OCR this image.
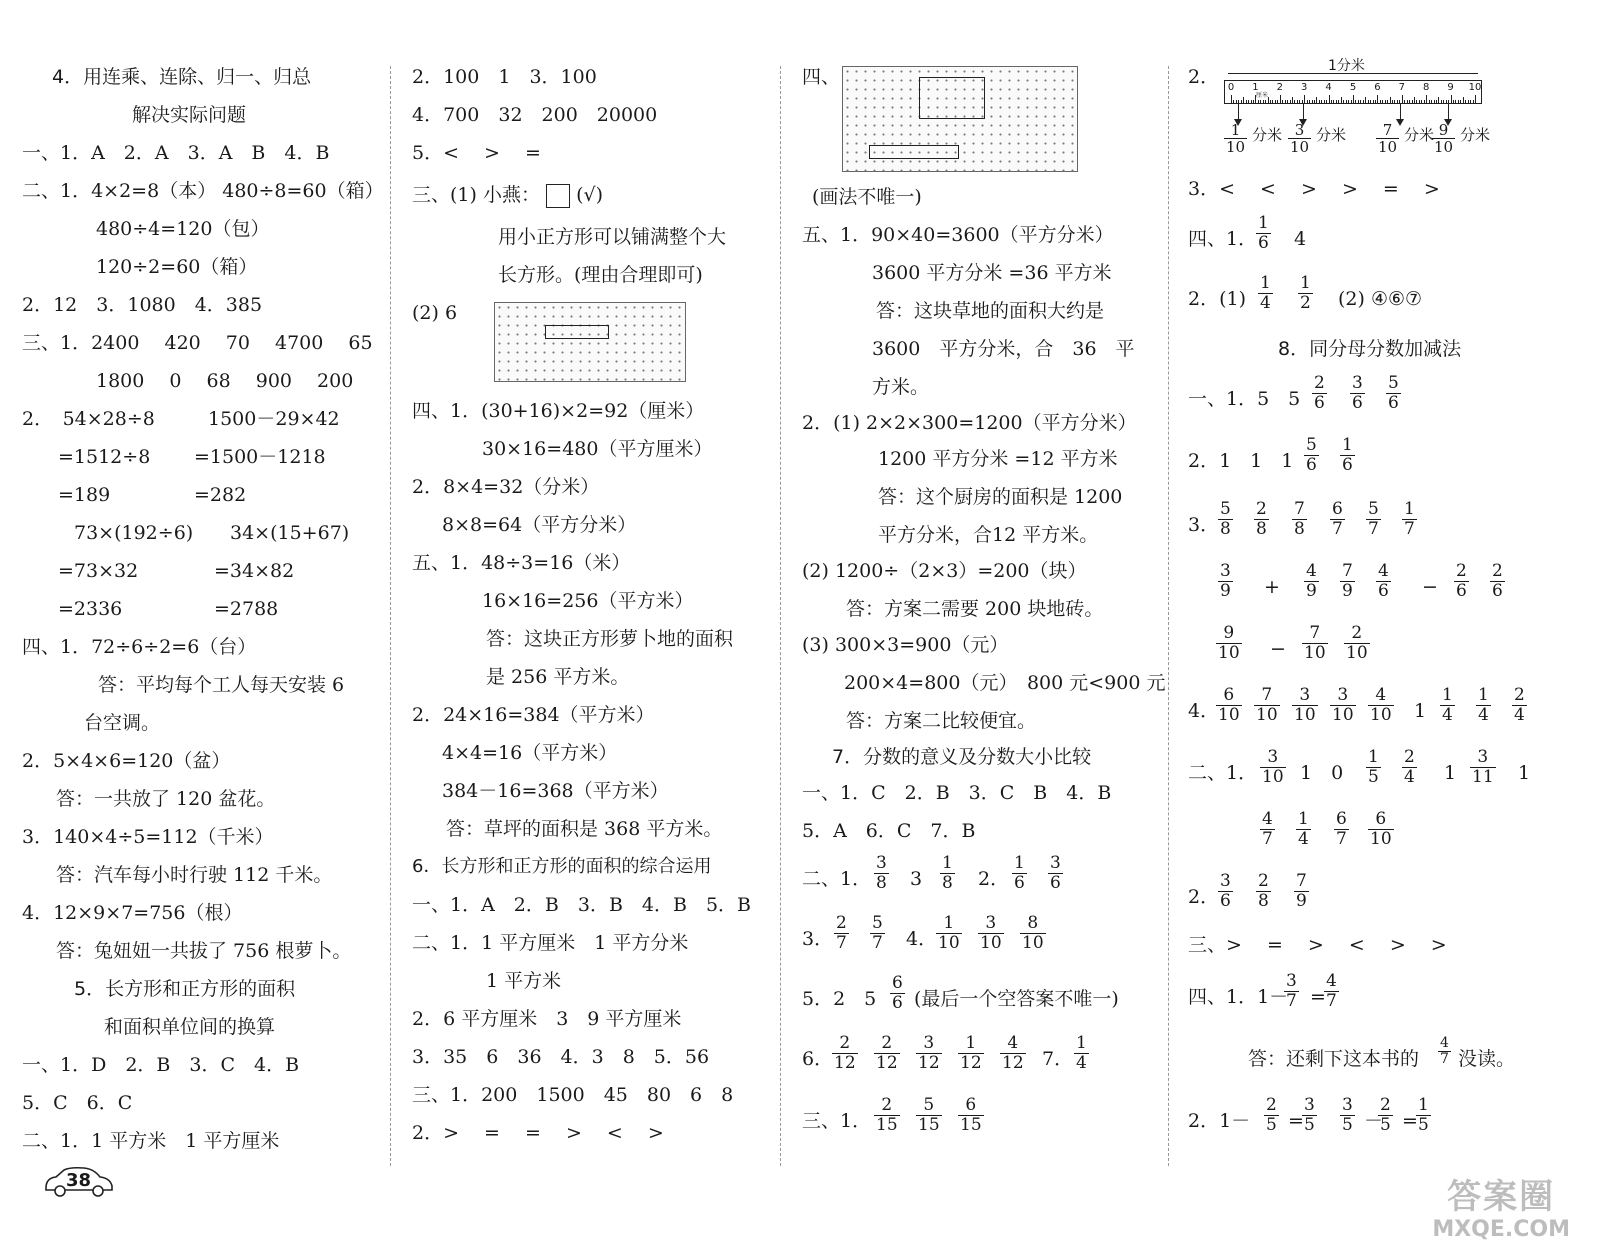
4．用连乘、连除、归一、归总
解决实际问题
一、1．A　2．A　3．A　B　4．B
二、1．4×2=8（本） 480÷8=60（箱）
480÷4=120（包）
120÷2=60（箱）
2．12　3．1080　4．385
三、1．2400　 420　 70　 4700　 65
1800　 0　 68　 900　 200
2．　54×28÷8	1500－29×42
=1512÷8 =1500－1218
=189	=282
73×(192÷6) 34×(15+67)
=73×32	=34×82
=2336	=2788
四、1．72÷6÷2=6（台）
答：平均每个工人每天安装 6
台空调。
2．5×4×6=120（盆）
答：一共放了 120 盆花。
3．140×4÷5=112（千米）
答：汽车每小时行驶 112 千米。
4．12×9×7=756（根）
答：兔妞妞一共拔了 756 根萝卜。
5．长方形和正方形的面积
和面积单位间的换算
一、1．D　2．B　3．C　4．B
5．C　6．C
二、1．1 平方米　1 平方厘米
2．100　1　3．100
4．700　32　200　20000
5．<　 >　 =
三、(1) 小燕： (√)
用小正方形可以铺满整个大
长方形。(理由合理即可)
(2) 6
四、1．(30+16)×2=92（厘米）
30×16=480（平方厘米）
2．8×4=32（分米）
8×8=64（平方分米）
五、1．48÷3=16（米）
16×16=256（平方米）
答：这块正方形萝卜地的面积
是 256 平方米。
2．24×16=384（平方米）
4×4=16（平方米）
384－16=368（平方米）
答：草坪的面积是 368 平方米。
6．长方形和正方形的面积的综合运用
一、1．A　2．B　3．B　4．B　5．B
二、1．1 平方厘米　1 平方分米
1 平方米
2．6 平方厘米　3　9 平方厘米
3．35　6　36　4．3　8　5．56
三、1．200　1500　45　80　6　8
2．>　 =　 =　 >　 <　 >
四、
(画法不唯一)
五、1．90×40=3600（平方分米）
3600 平方分米 =36 平方米
答：这块草地的面积大约是
3600　平方分米，合　36　平
方米。
2．(1) 2×2×300=1200（平方分米）
1200 平方分米 =12 平方米
答：这个厨房的面积是 1200
平方分米，合12 平方米。
(2) 1200÷（2×3）=200（块）
答：方案二需要 200 块地砖。
(3) 300×3=900（元）
200×4=800（元）　800 元<900 元
答：方案二比较便宜。
7．分数的意义及分数大小比较
一、1．C　2．B　3．C　B　4．B
5．A　6．C　7．B
二、1． $\frac{3}{8} 3 \frac{1}{8} 2$． $\frac{1}{6} \frac{3}{6}$
3． $\frac{2}{7} \frac{5}{7} 4$．
$\frac{1}{10} \frac{3}{10} \frac{8}{10}$
5．2　$5 \frac{6}{6}$ (最后一个空答案不唯一)
6．
$\frac{2}{12} \frac{2}{12} \frac{3}{12} \frac{1}{12} \frac{4}{12} 7$． $\frac{1}{4}$
三、1． $\frac{2}{15} \frac{5}{15} \frac{6}{15}$
2．	1分米
0 1 2 3 4 5 6 7 8 9 10
厘米
$\frac{1}{10}$ 分米 $\frac{3}{10}$ 分米 $\frac{7}{10}$ 分米
$\frac{9}{10}$ 分米
3．<　 <　 >　 >　 =　 >
四、1．
$\frac{1}{6} 4$
2．$(1) \frac{1}{4} \frac{1}{2} (2)$ ④⑥⑦
8．同分母分数加减法
一、1．5　$5 \frac{2}{6} \frac{3}{6} \frac{5}{6}$
2．1　1　$1 \frac{5}{6} \frac{1}{6}$
3．
$\frac{5}{8} \frac{2}{8} \frac{7}{8} \frac{6}{7} \frac{5}{7} \frac{1}{7}$
$\frac{3}{9} + \frac{4}{9} \frac{7}{9} \frac{4}{6} - \frac{2}{6} \frac{2}{6}$
$\frac{9}{10} - \frac{7}{10} \frac{2}{10}$
4．
$\frac{6}{10} \frac{7}{10} \frac{3}{10} \frac{3}{10} \frac{4}{10} 1 \frac{1}{4} \frac{1}{4} \frac{2}{4}$
二、1． $\frac{3}{10} 1$　$0 \frac{1}{5} \frac{2}{4} 1 \frac{3}{11} 1$
$\frac{4}{7} \frac{1}{4} \frac{6}{7} \frac{6}{10}$
2．
$\frac{3}{6} \frac{2}{8} \frac{7}{9}$
三、>　 =　 >　 <　 >　 >
四、1．1－
$\frac{3}{7}$ =
$\frac{4}{7}$
答：还剩下这本书的 $\frac{4}{7}$ 没读。
2．$1- \frac{2}{5}$ =
$\frac{3}{5} \frac{3}{5}$ －
$\frac{2}{5}$ =
$\frac{1}{5}$
38	答案圈
MXQE.COM
